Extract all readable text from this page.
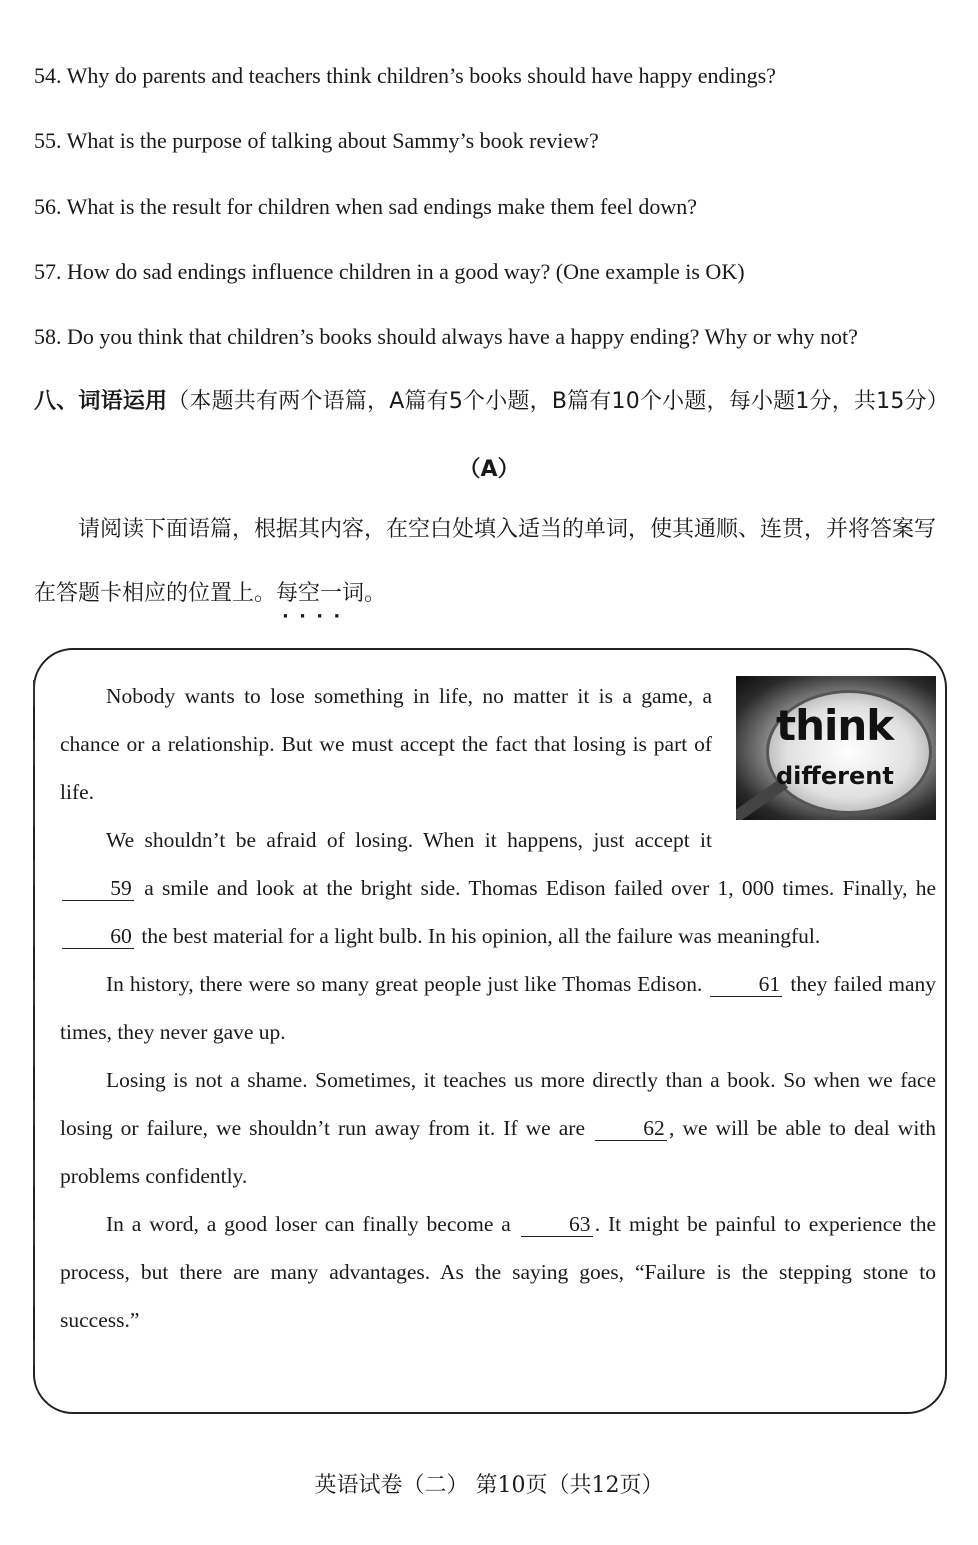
54. Why do parents and teachers think children’s books should have happy endings?
55. What is the purpose of talking about Sammy’s book review?
56. What is the result for children when sad endings make them feel down?
57. How do sad endings influence children in a good way? (One example is OK)
58. Do you think that children’s books should always have a happy ending? Why or why not?
八、词语运用（本题共有两个语篇，A篇有5个小题，B篇有10个小题，每小题1分，共15分）
（A）
请阅读下面语篇，根据其内容，在空白处填入适当的单词，使其通顺、连贯，并将答案写
在答题卡相应的位置上。每空一词 · · · ·。
think
different

Nobody wants to lose something in life, no matter it is a game, a chance or a relationship. But we must accept the fact that losing is part of life.

We shouldn’t be afraid of losing. When it happens, just accept it 59 a smile and look at the bright side. Thomas Edison failed over 1, 000 times. Finally, he 60 the best material for a light bulb. In his opinion, all the failure was meaningful.

In history, there were so many great people just like Thomas Edison.	61 they failed many times, they never gave up.

Losing is not a shame. Sometimes, it teaches us more directly than a book. So when we face losing or failure, we shouldn’t run away from it. If we are	62 , we will be able to deal with problems confidently.

In a word, a good loser can finally become a	63 . It might be painful to experience the process, but there are many advantages. As the saying goes, “Failure is the stepping stone to success.”

英语试卷（二） 第10页（共12页）
